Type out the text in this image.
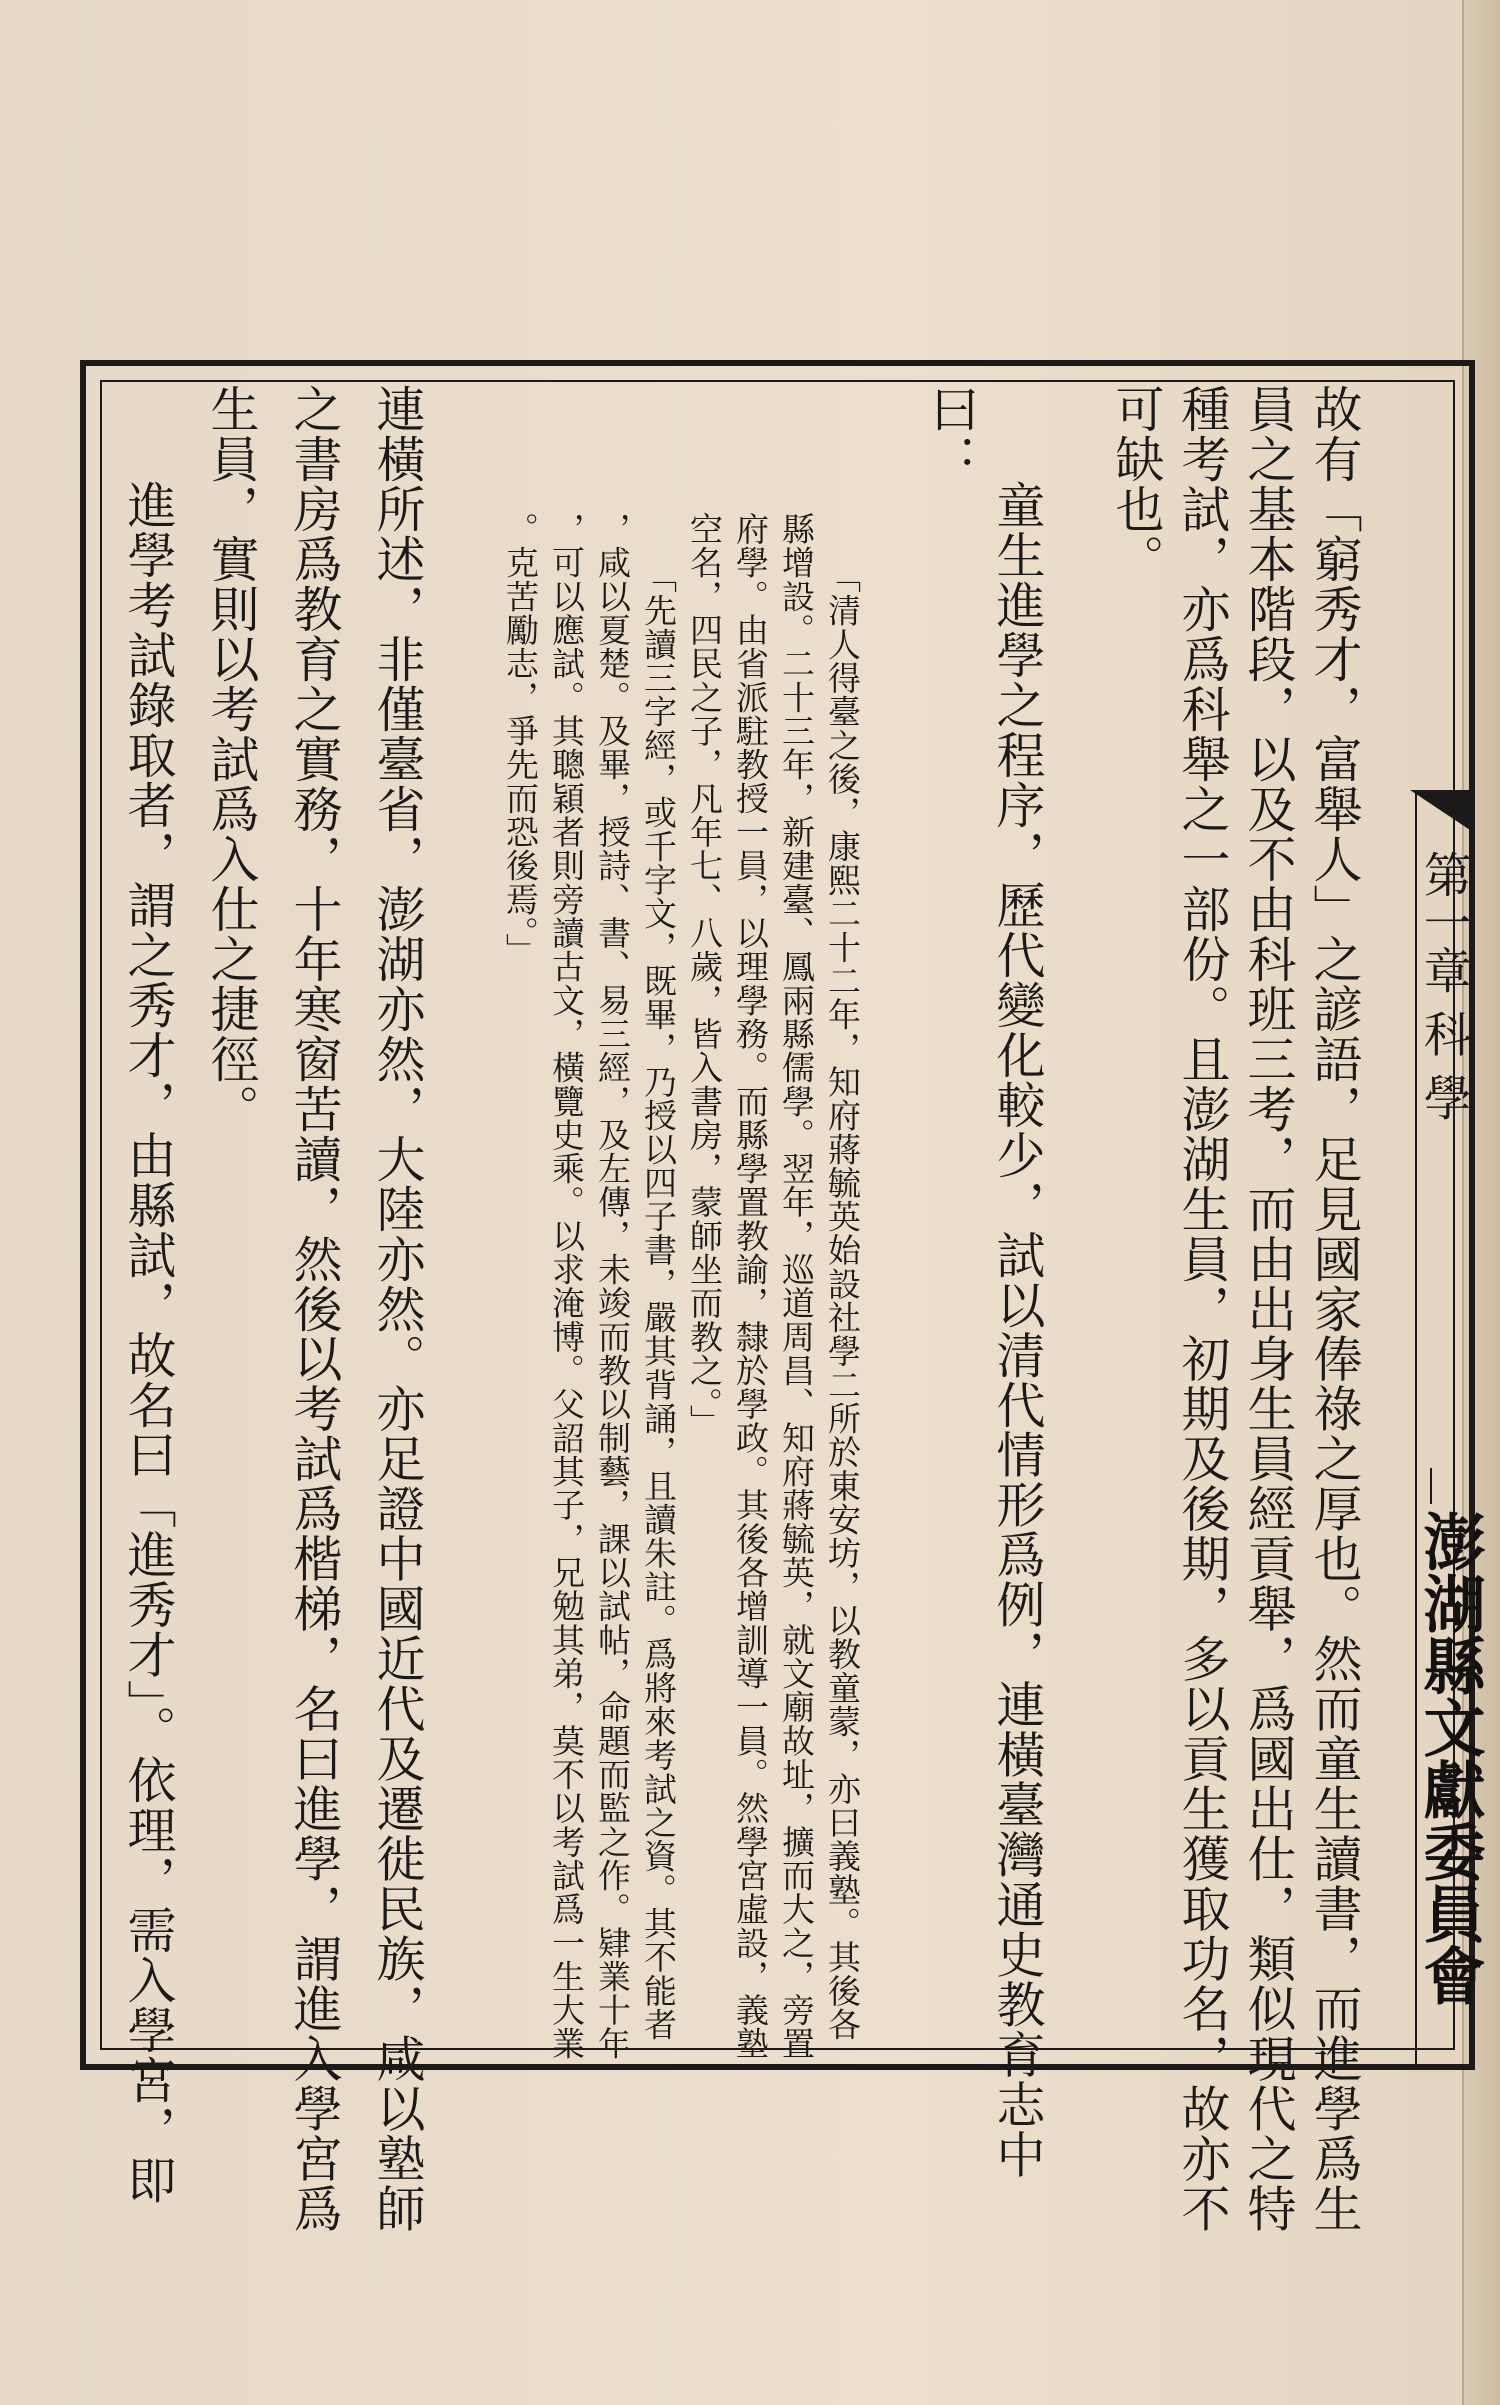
故有「窮秀才，富舉人」之諺語，足見國家俸祿之厚也。然而童生讀書，而進學爲生
員之基本階段，以及不由科班三考，而由出身生員經貢舉，爲國出仕，類似現代之特
種考試，亦爲科舉之一部份。且澎湖生員，初期及後期，多以貢生獲取功名，故亦不
可缺也。
童生進學之程序，歷代變化較少，試以清代情形爲例，連橫臺灣通史教育志中
曰：
「清人得臺之後，康熙二十二年，知府蔣毓英始設社學二所於東安坊，以教童蒙，亦曰義塾。其後各
縣增設。二十三年，新建臺、鳳兩縣儒學。翌年，巡道周昌、知府蔣毓英，就文廟故址，擴而大之，旁置
府學。由省派駐教授一員，以理學務。而縣學置教諭，隸於學政。其後各增訓導一員。然學宮虛設，義塾
空名，四民之子，凡年七、八歲，皆入書房，蒙師坐而教之。」
「先讀三字經，或千字文，既畢，乃授以四子書，嚴其背誦，且讀朱註。爲將來考試之資。其不能者
，咸以夏楚。及畢，授詩、書、易三經，及左傳，未竣而教以制藝，課以試帖，命題而監之作。肄業十年
，可以應試。其聰穎者則旁讀古文，橫覽史乘。以求淹博。父詔其子，兄勉其弟，莫不以考試爲一生大業
。克苦勵志，爭先而恐後焉。」
連橫所述，非僅臺省，澎湖亦然，大陸亦然。亦足證中國近代及遷徙民族，咸以塾師
之書房爲教育之實務，十年寒窗苦讀，然後以考試爲楷梯，名曰進學，謂進入學宮爲
生員，實則以考試爲入仕之捷徑。
進學考試錄取者，謂之秀才，由縣試，故名曰「進秀才」。依理，需入學宮，即	第一章 科 學
澎湖縣文獻委員會
